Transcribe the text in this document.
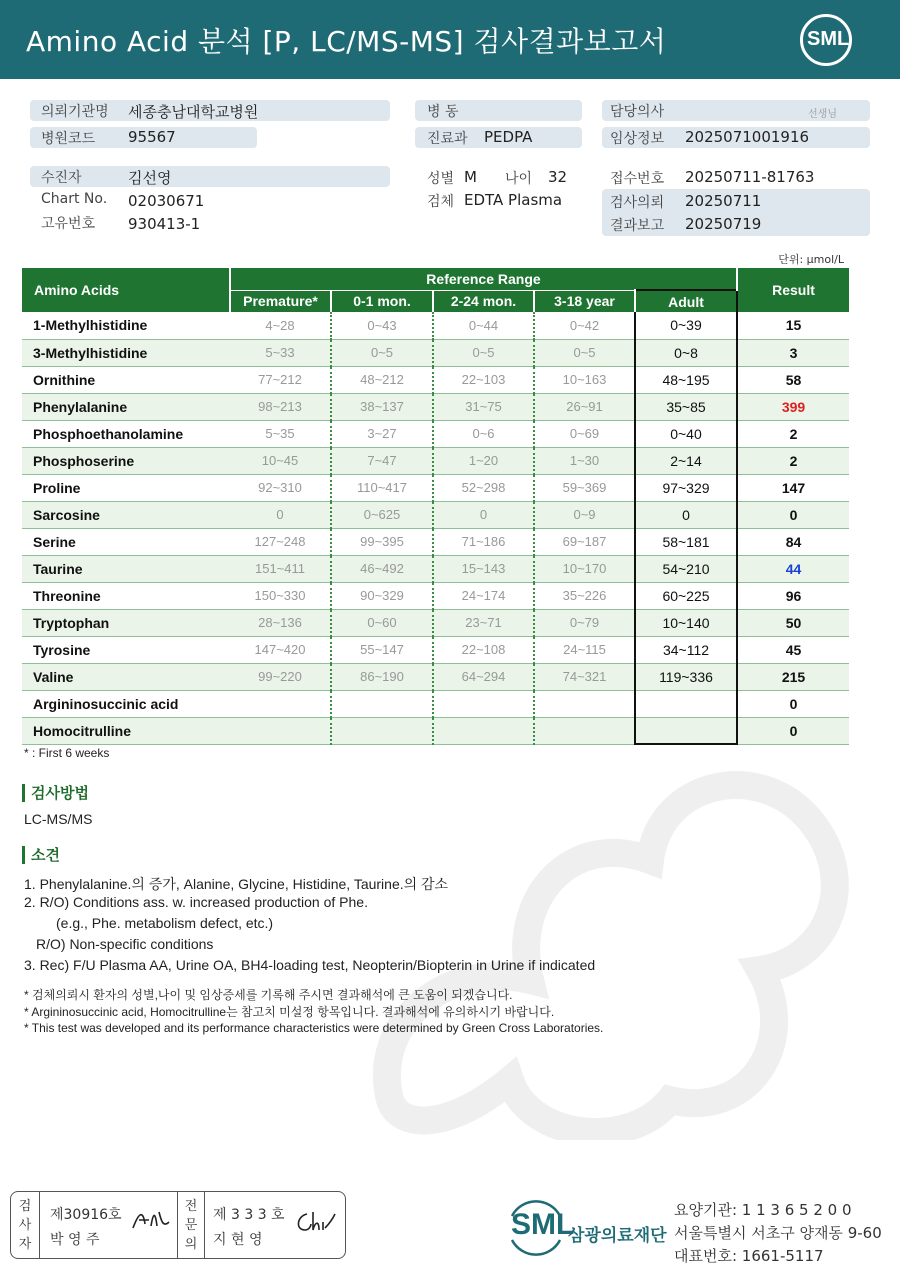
Amino Acid 분석 [P, LC/MS-MS] 검사결과보고서	SML
의뢰기관명 세종충남대학교병원
병원코드 95567
병 동
진료과 PEDPA
담당의사	선생님
임상정보 2025071001916
수진자	김선영
Chart No. 02030671
고유번호 930413-1
성별 M 나이 32
검체 EDTA Plasma
접수번호 20250711-81763
검사의뢰 20250711
결과보고 20250719
단위: μmol/L
Amino Acids	Reference Range					Result
	Premature*	0-1 mon.	2-24 mon.	3-18 year	Adult	
1-Methylhistidine	4~28	0~43	0~44	0~42	0~39	15
3-Methylhistidine	5~33	0~5	0~5	0~5	0~8	3
Ornithine	77~212	48~212	22~103	10~163	48~195	58
Phenylalanine	98~213	38~137	31~75	26~91	35~85	399
Phosphoethanolamine	5~35	3~27	0~6	0~69	0~40	2
Phosphoserine	10~45	7~47	1~20	1~30	2~14	2
Proline	92~310	110~417	52~298	59~369	97~329	147
Sarcosine	0	0~625	0	0~9	0	0
Serine	127~248	99~395	71~186	69~187	58~181	84
Taurine	151~411	46~492	15~143	10~170	54~210	44
Threonine	150~330	90~329	24~174	35~226	60~225	96
Tryptophan	28~136	0~60	23~71	0~79	10~140	50
Tyrosine	147~420	55~147	22~108	24~115	34~112	45
Valine	99~220	86~190	64~294	74~321	119~336	215
Argininosuccinic acid						0
Homocitrulline						0
* : First 6 weeks
검사방법
LC-MS/MS
소견
1. Phenylalanine.의 증가, Alanine, Glycine, Histidine, Taurine.의 감소
2. R/O) Conditions ass. w. increased production of Phe.
(e.g., Phe. metabolism defect, etc.)
R/O) Non-specific conditions
3. Rec) F/U Plasma AA, Urine OA, BH4-loading test, Neopterin/Biopterin in Urine if indicated
* 검체의뢰시 환자의 성별,나이 및 임상증세를 기록해 주시면 결과해석에 큰 도움이 되겠습니다.
* Argininosuccinic acid, Homocitrulline는 참고치 미설정 항목입니다. 결과해석에 유의하시기 바랍니다.
* This test was developed and its performance characteristics were determined by Green Cross Laboratories.
검
사
자
제30916호
박 영 주
전
문
의
제 3 3 3 호
지 현 영	SML
삼광의료재단
요양기관: 1 1 3 6 5 2 0 0
서울특별시 서초구 양재동 9-60
대표번호: 1661-5117
